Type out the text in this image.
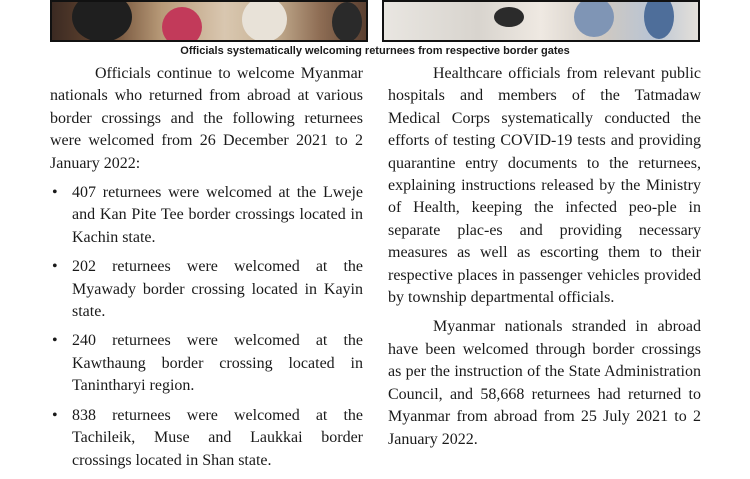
Officials systematically welcoming returnees from respective border gates

Officials continue to welcome Myanmar nationals who returned from abroad at various border crossings and the following returnees were welcomed from 26 December 2021 to 2 January 2022:

• 407 returnees were welcomed at the Lweje and Kan Pite Tee border crossings located in Kachin state.
• 202 returnees were welcomed at the Myawady border crossing located in Kayin state.
• 240 returnees were welcomed at the Kawthaung border crossing located in Tanintharyi region.
• 838 returnees were welcomed at the Tachileik, Muse and Laukkai border crossings located in Shan state.

Healthcare officials from relevant public hospitals and members of the Tatmadaw Medical Corps systematically conducted the efforts of testing COVID-19 tests and providing quarantine entry documents to the returnees, explaining instructions released by the Ministry of Health, keeping the infected peo-ple in separate plac-es and providing necessary measures as well as escorting them to their respective places in passenger vehicles provided by township departmental officials.

Myanmar nationals stranded in abroad have been welcomed through border crossings as per the instruction of the State Administration Council, and 58,668 returnees had returned to Myanmar from abroad from 25 July 2021 to 2 January 2022.
